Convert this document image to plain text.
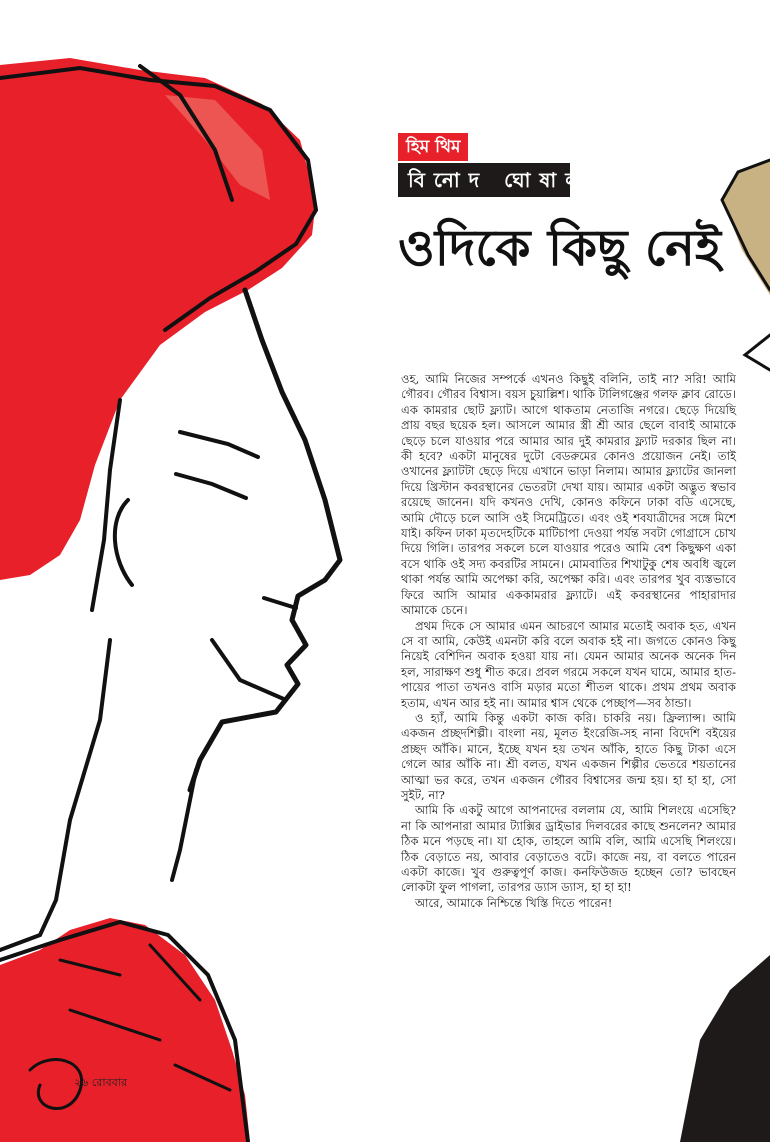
হিম থিম
বিনোদ ঘোষাল
ওদিকে কিছু নেই

ওহ, আমি নিজের সম্পর্কে এখনও কিছুই বলিনি, তাই না? সরি! আমি গৌরব। গৌরব বিশ্বাস। বয়স চুয়াল্লিশ। থাকি টালিগঞ্জের গলফ ক্লাব রোডে। এক কামরার ছোট ফ্ল্যাট। আগে থাকতাম নেতাজি নগরে। ছেড়ে দিয়েছি প্রায় বছর ছয়েক হল। আসলে আমার স্ত্রী শ্রী আর ছেলে বাবাই আমাকে ছেড়ে চলে যাওয়ার পরে আমার আর দুই কামরার ফ্ল্যাট দরকার ছিল না। কী হবে? একটা মানুষের দুটো বেডরুমের কোনও প্রয়োজন নেই। তাই ওখানের ফ্ল্যাটটা ছেড়ে দিয়ে এখানে ভাড়া নিলাম। আমার ফ্ল্যাটের জানলা দিয়ে খ্রিস্টান কবরস্থানের ভেতরটা দেখা যায়। আমার একটা অদ্ভুত স্বভাব রয়েছে জানেন। যদি কখনও দেখি, কোনও কফিনে ঢাকা বডি এসেছে, আমি দৌড়ে চলে আসি ওই সিমেট্রিতে। এবং ওই শবযাত্রীদের সঙ্গে মিশে যাই। কফিন ঢাকা মৃতদেহটিকে মাটিচাপা দেওয়া পর্যন্ত সবটা গোগ্রাসে চোখ দিয়ে গিলি। তারপর সকলে চলে যাওয়ার পরেও আমি বেশ কিছুক্ষণ একা বসে থাকি ওই সদ্য কবরটির সামনে। মোমবাতির শিখাটুকু শেষ অবধি জ্বলে থাকা পর্যন্ত আমি অপেক্ষা করি, অপেক্ষা করি। এবং তারপর খুব ব্যস্তভাবে ফিরে আসি আমার এককামরার ফ্ল্যাটে। এই কবরস্থানের পাহারাদার আমাকে চেনে।

প্রথম দিকে সে আমার এমন আচরণে আমার মতোই অবাক হত, এখন সে বা আমি, কেউই এমনটা করি বলে অবাক হই না। জগতে কোনও কিছু নিয়েই বেশিদিন অবাক হওয়া যায় না। যেমন আমার অনেক অনেক দিন হল, সারাক্ষণ শুধু শীত করে। প্রবল গরমে সকলে যখন ঘামে, আমার হাত-পায়ের পাতা তখনও বাসি মড়ার মতো শীতল থাকে। প্রথম প্রথম অবাক হতাম, এখন আর হই না। আমার শ্বাস থেকে পেচ্ছাপ—সব ঠান্ডা।

ও হ্যাঁ, আমি কিন্তু একটা কাজ করি। চাকরি নয়। ফ্রিল্যান্স। আমি একজন প্রচ্ছদশিল্পী। বাংলা নয়, মূলত ইংরেজি-সহ নানা বিদেশি বইয়ের প্রচ্ছদ আঁকি। মানে, ইচ্ছে যখন হয় তখন আঁকি, হাতে কিছু টাকা এসে গেলে আর আঁকি না। শ্রী বলত, যখন একজন শিল্পীর ভেতরে শয়তানের আত্মা ভর করে, তখন একজন গৌরব বিশ্বাসের জন্ম হয়। হা হা হা, সো সুইট, না?

আমি কি একটু আগে আপনাদের বললাম যে, আমি শিলংয়ে এসেছি? না কি আপনারা আমার ট্যাক্সির ড্রাইভার দিলবরের কাছে শুনলেন? আমার ঠিক মনে পড়ছে না। যা হোক, তাহলে আমি বলি, আমি এসেছি শিলংয়ে। ঠিক বেড়াতে নয়, আবার বেড়াতেও বটে। কাজে নয়, বা বলতে পারেন একটা কাজে। খুব গুরুত্বপূর্ণ কাজ। কনফিউজড হচ্ছেন তো? ভাবছেন লোকটা ফুল পাগলা, তারপর ড্যাস ড্যাস, হা হা হা!

আরে, আমাকে নিশ্চিন্তে খিস্তি দিতে পারেন!

২৬ রোববার
